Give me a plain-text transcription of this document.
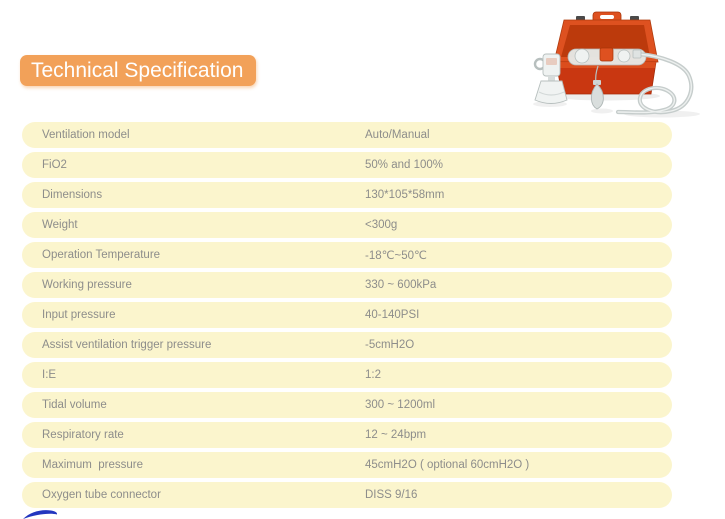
Technical Specification
Ventilation model	Auto/Manual
FiO2	50% and 100%
Dimensions	130*105*58mm
Weight	<300g
Operation Temperature	-18℃~50℃
Working pressure	330 ~ 600kPa
Input pressure	40-140PSI
Assist ventilation trigger pressure	-5cmH2O
I:E	1:2
Tidal volume	300 ~ 1200ml
Respiratory rate	12 ~ 24bpm
Maximum  pressure	45cmH2O ( optional 60cmH2O )
Oxygen tube connector	DISS 9/16
